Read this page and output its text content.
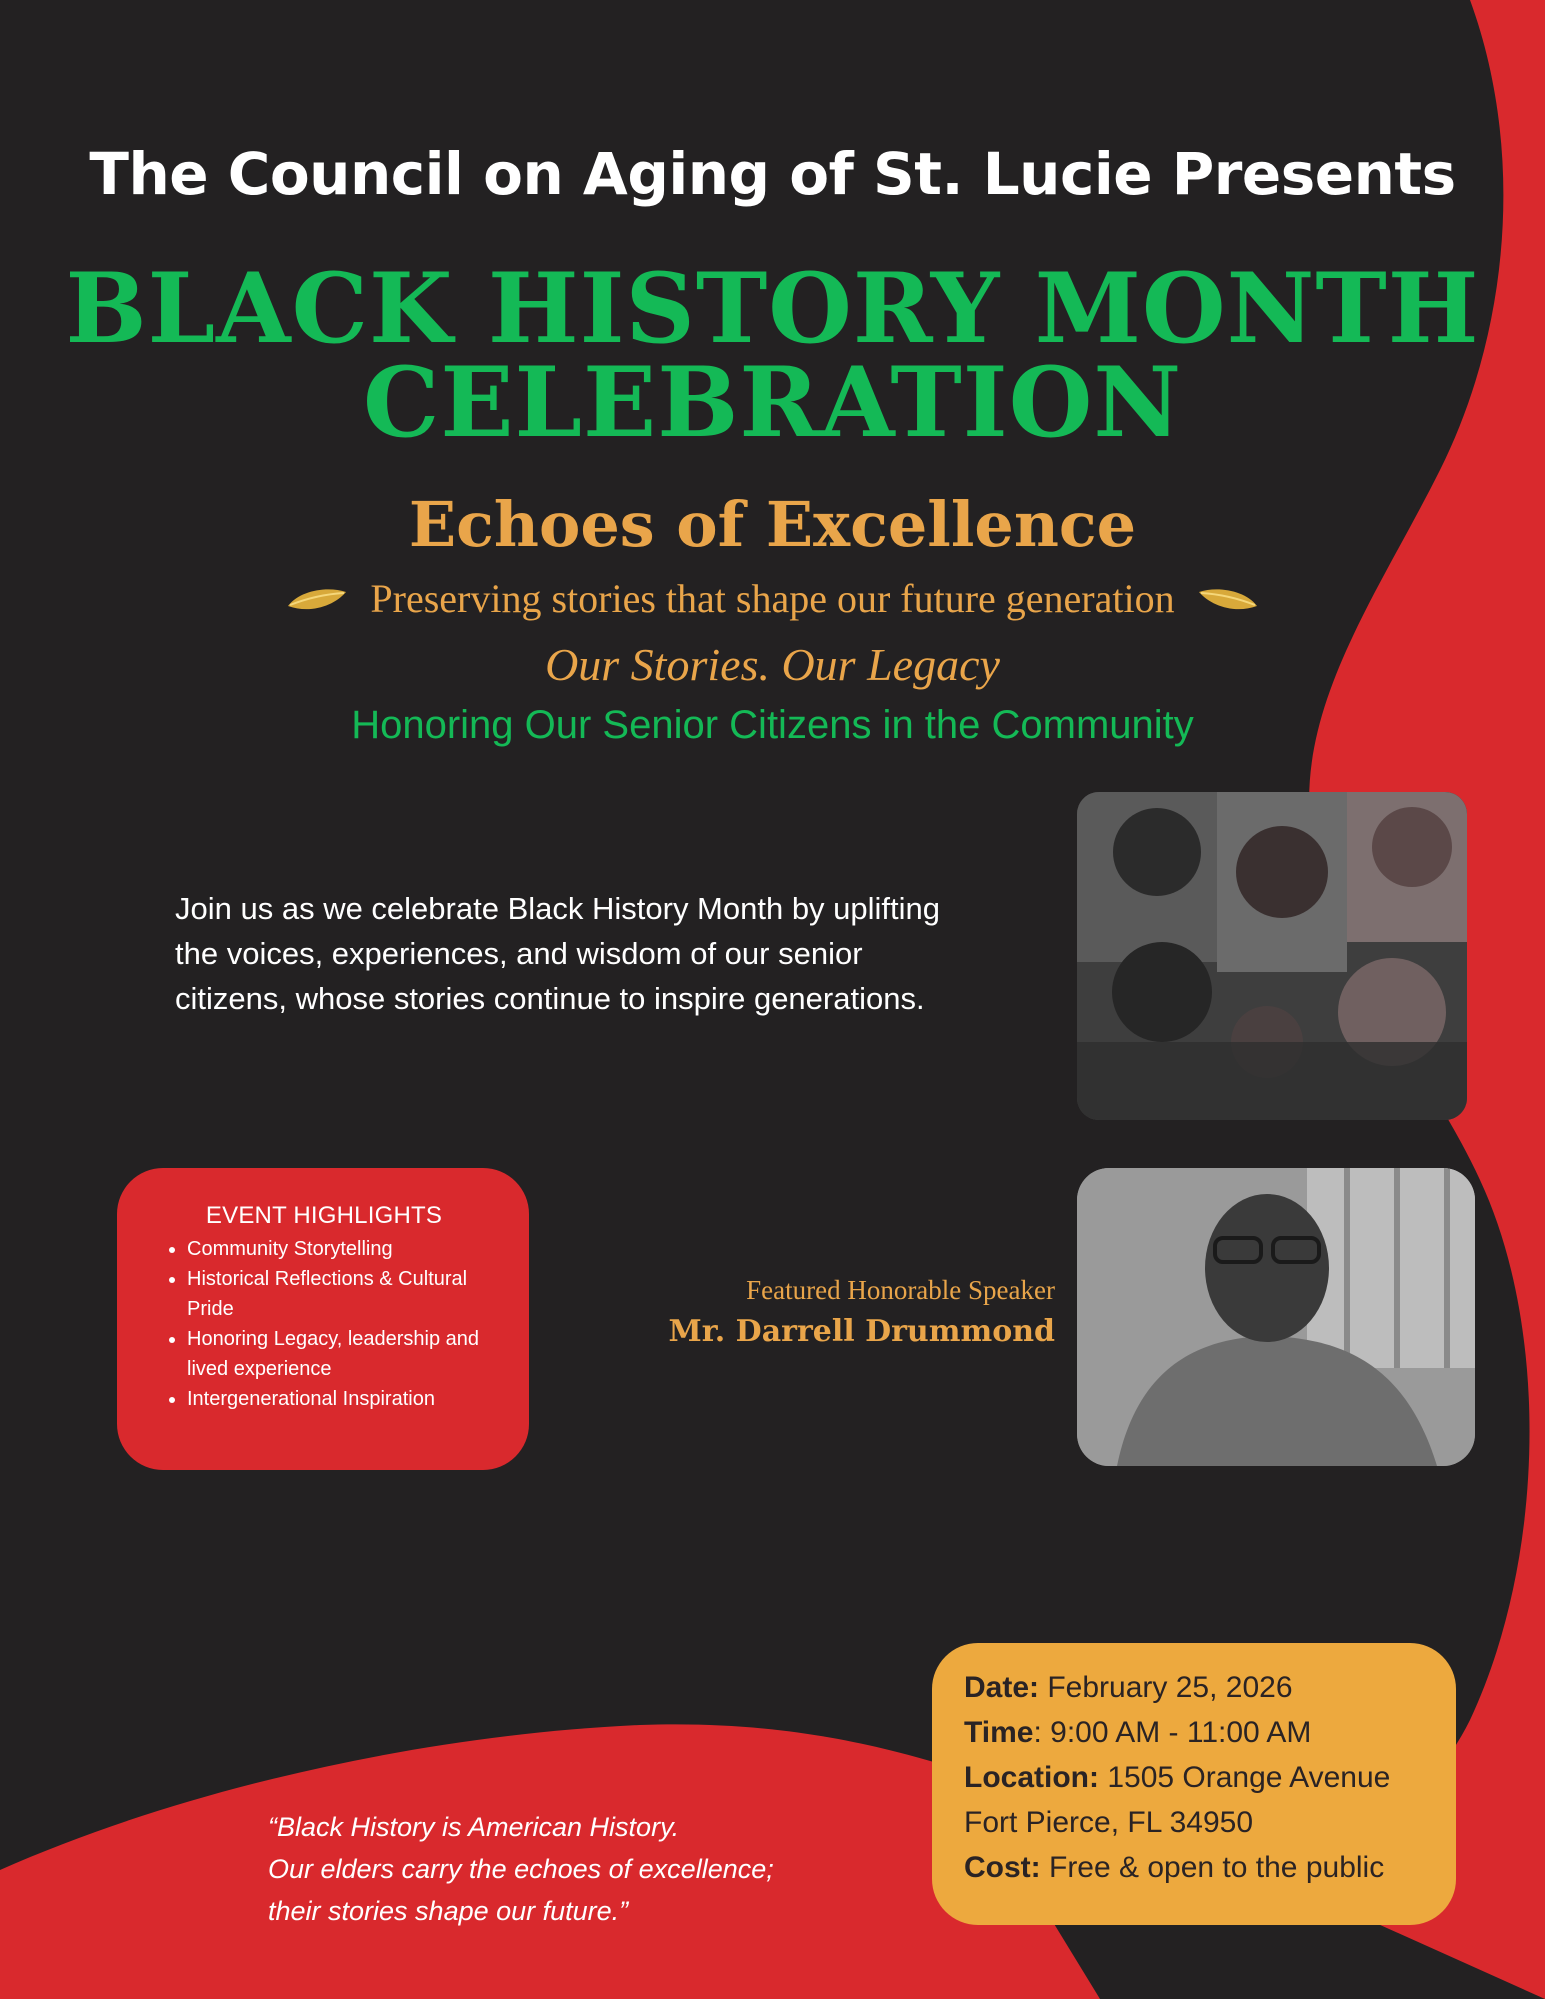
The Council on Aging of St. Lucie Presents
BLACK HISTORY MONTH
CELEBRATION
Echoes of Excellence
Preserving stories that shape our future generation
Our Stories. Our Legacy
Honoring Our Senior Citizens in the Community
Join us as we celebrate Black History Month by uplifting
the voices, experiences, and wisdom of our senior
citizens, whose stories continue to inspire generations.
EVENT HIGHLIGHTS
• Community Storytelling
• Historical Reflections & Cultural Pride
• Honoring Legacy, leadership and lived experience
• Intergenerational Inspiration
Featured Honorable Speaker
Mr. Darrell Drummond
Date: February 25, 2026
Time: 9:00 AM - 11:00 AM
Location: 1505 Orange Avenue
Fort Pierce, FL 34950
Cost: Free & open to the public
“Black History is American History.
Our elders carry the echoes of excellence;
their stories shape our future.”
